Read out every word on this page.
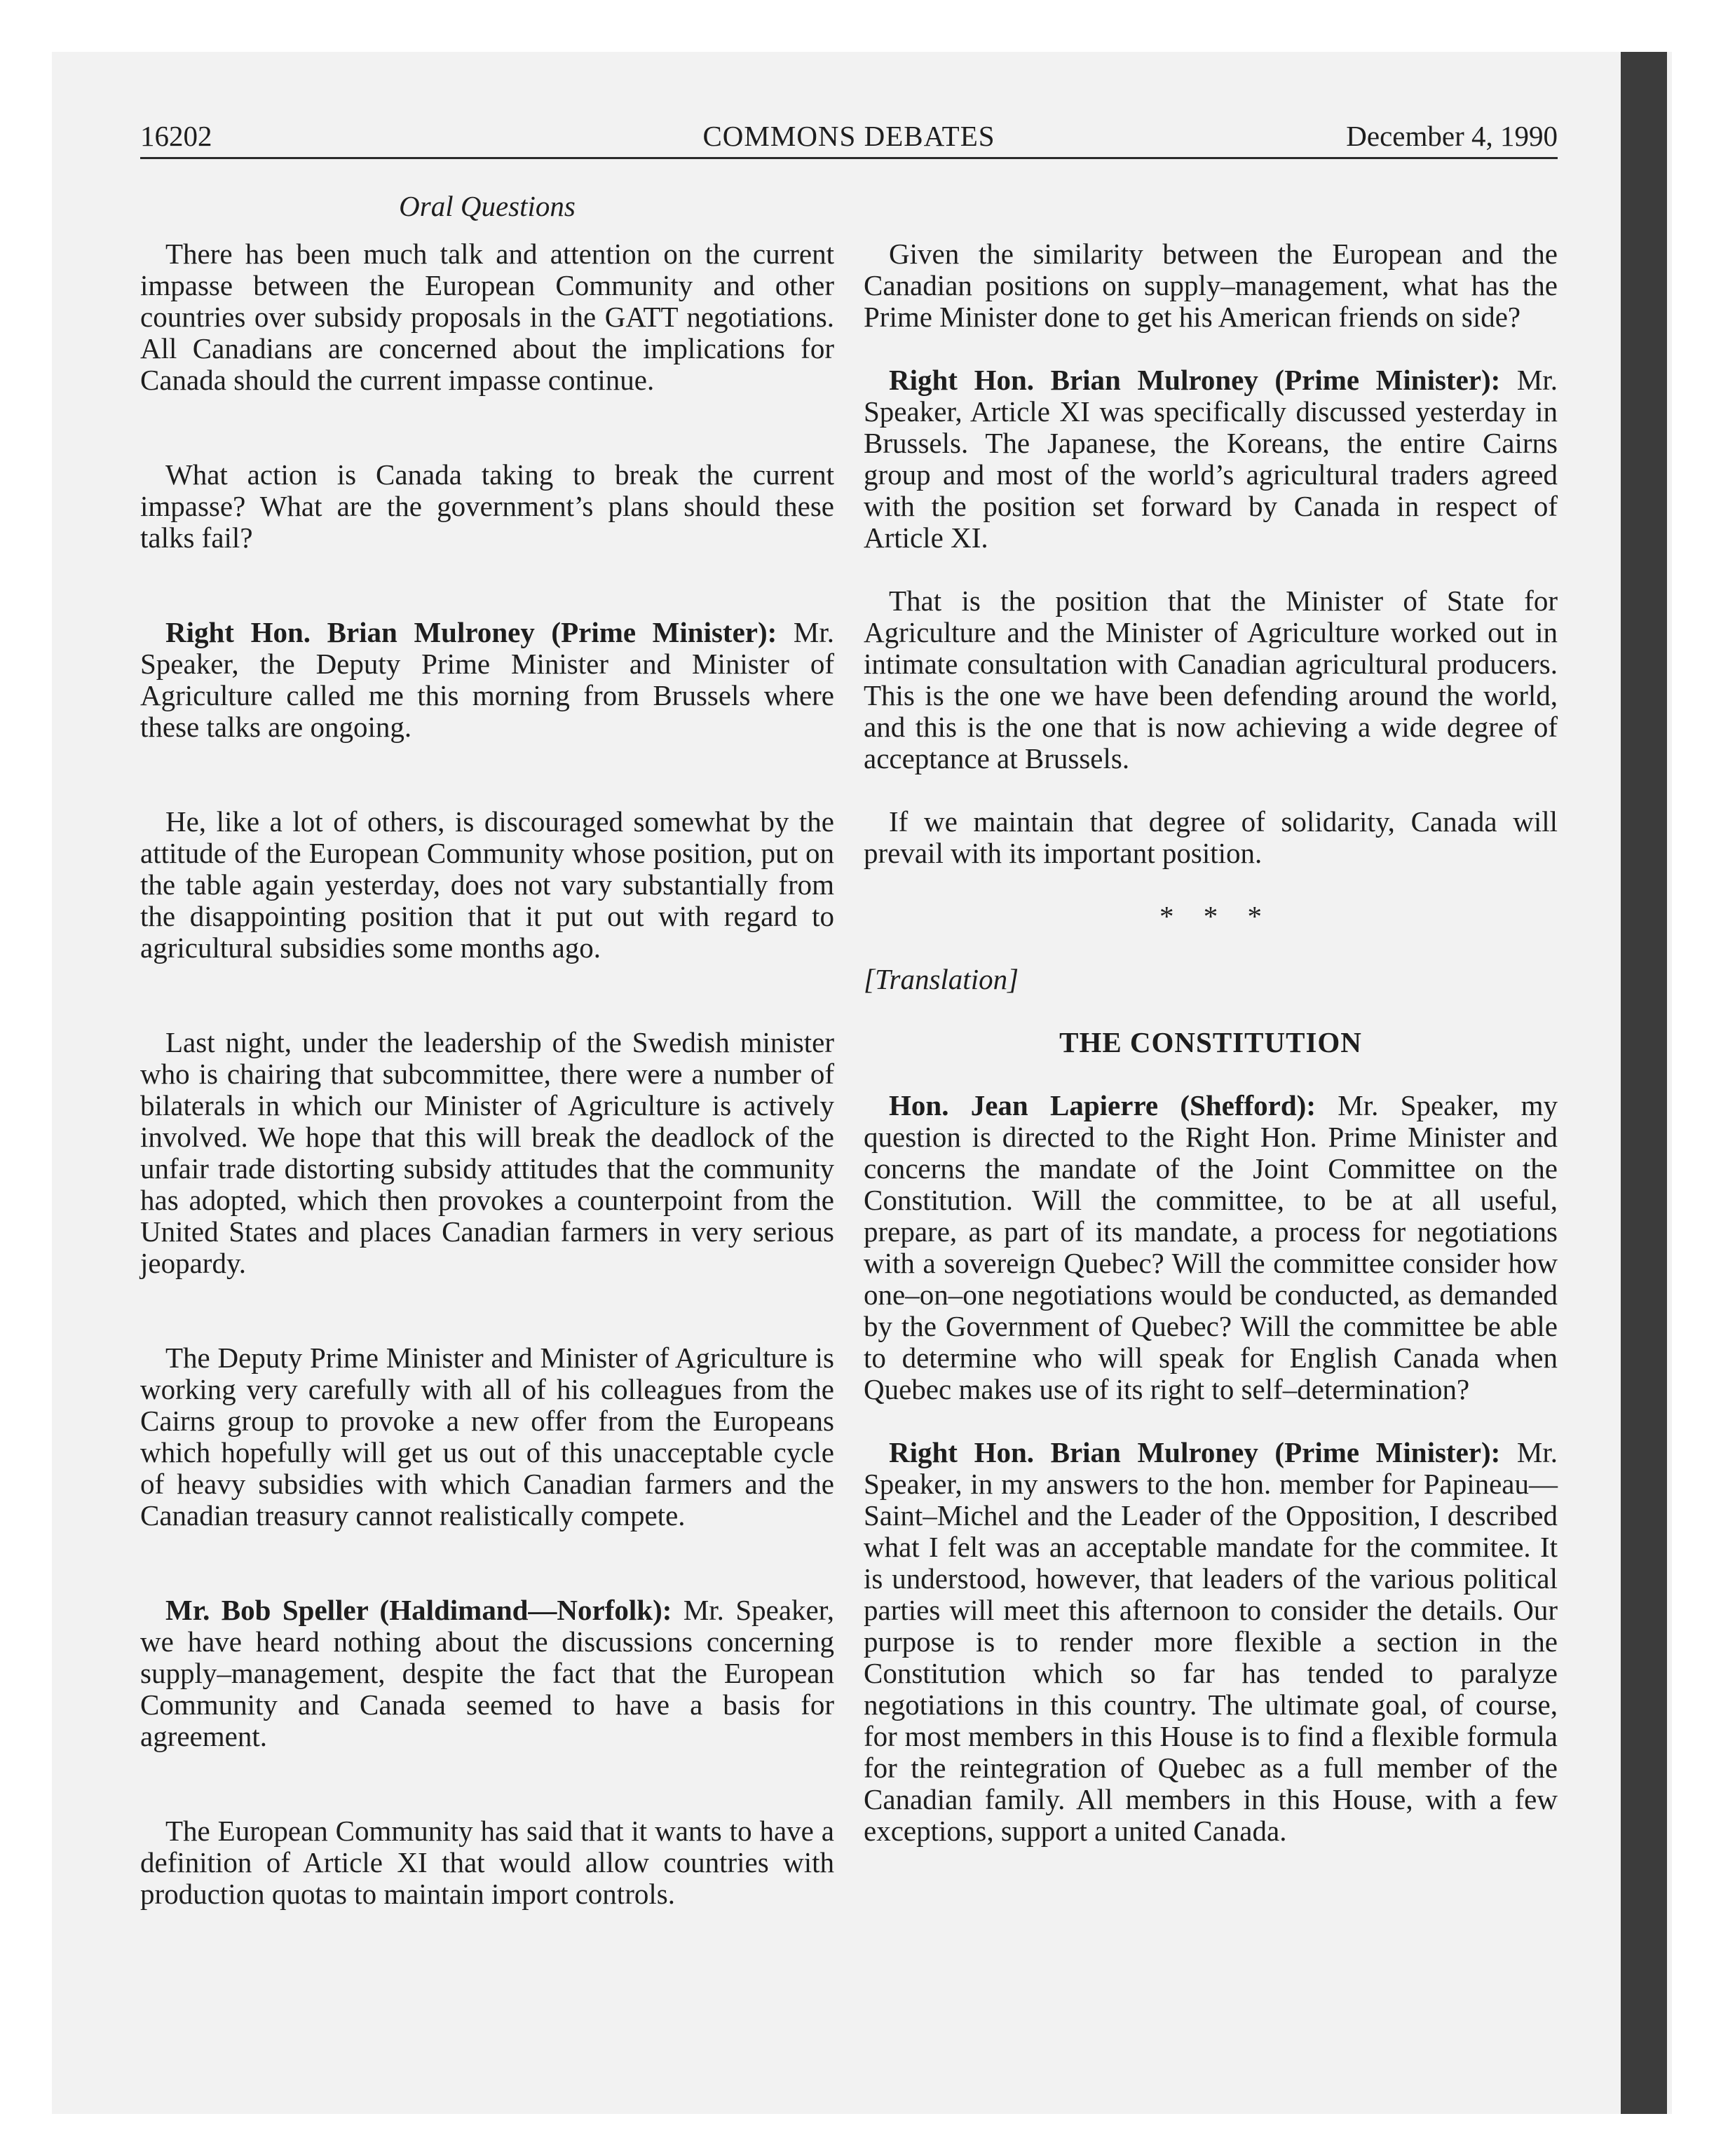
16202	COMMONS DEBATES	December 4, 1990
Oral Questions

There has been much talk and attention on the current impasse between the European Community and other countries over subsidy proposals in the GATT negotiations. All Canadians are concerned about the implications for Canada should the current impasse continue.

What action is Canada taking to break the current impasse? What are the government’s plans should these talks fail?

Right Hon. Brian Mulroney (Prime Minister): Mr. Speaker, the Deputy Prime Minister and Minister of Agriculture called me this morning from Brussels where these talks are ongoing.

He, like a lot of others, is discouraged somewhat by the attitude of the European Community whose position, put on the table again yesterday, does not vary substantially from the disappointing position that it put out with regard to agricultural subsidies some months ago.

Last night, under the leadership of the Swedish minister who is chairing that subcommittee, there were a number of bilaterals in which our Minister of Agriculture is actively involved. We hope that this will break the deadlock of the unfair trade distorting subsidy attitudes that the community has adopted, which then provokes a counterpoint from the United States and places Canadian farmers in very serious jeopardy.

The Deputy Prime Minister and Minister of Agriculture is working very carefully with all of his colleagues from the Cairns group to provoke a new offer from the Europeans which hopefully will get us out of this unacceptable cycle of heavy subsidies with which Canadian farmers and the Canadian treasury cannot realistically compete.

Mr. Bob Speller (Haldimand—Norfolk): Mr. Speaker, we have heard nothing about the discussions concerning supply–management, despite the fact that the European Community and Canada seemed to have a basis for agreement.

The European Community has said that it wants to have a definition of Article XI that would allow countries with production quotas to maintain import controls.

Given the similarity between the European and the Canadian positions on supply–management, what has the Prime Minister done to get his American friends on side?

Right Hon. Brian Mulroney (Prime Minister): Mr. Speaker, Article XI was specifically discussed yesterday in Brussels. The Japanese, the Koreans, the entire Cairns group and most of the world’s agricultural traders agreed with the position set forward by Canada in respect of Article XI.

That is the position that the Minister of State for Agriculture and the Minister of Agriculture worked out in intimate consultation with Canadian agricultural producers. This is the one we have been defending around the world, and this is the one that is now achieving a wide degree of acceptance at Brussels.

If we maintain that degree of solidarity, Canada will prevail with its important position.

* * *
[Translation]
THE CONSTITUTION

Hon. Jean Lapierre (Shefford): Mr. Speaker, my question is directed to the Right Hon. Prime Minister and concerns the mandate of the Joint Committee on the Constitution. Will the committee, to be at all useful, prepare, as part of its mandate, a process for negotiations with a sovereign Quebec? Will the committee consider how one–on–one negotiations would be conducted, as demanded by the Government of Quebec? Will the committee be able to determine who will speak for English Canada when Quebec makes use of its right to self–determination?

Right Hon. Brian Mulroney (Prime Minister): Mr. Speaker, in my answers to the hon. member for Papineau—Saint–Michel and the Leader of the Opposition, I described what I felt was an acceptable mandate for the commitee. It is understood, however, that leaders of the various political parties will meet this afternoon to consider the details. Our purpose is to render more flexible a section in the Constitution which so far has tended to paralyze negotiations in this country. The ultimate goal, of course, for most members in this House is to find a flexible formula for the reintegration of Quebec as a full member of the Canadian family. All members in this House, with a few exceptions, support a united Canada.
